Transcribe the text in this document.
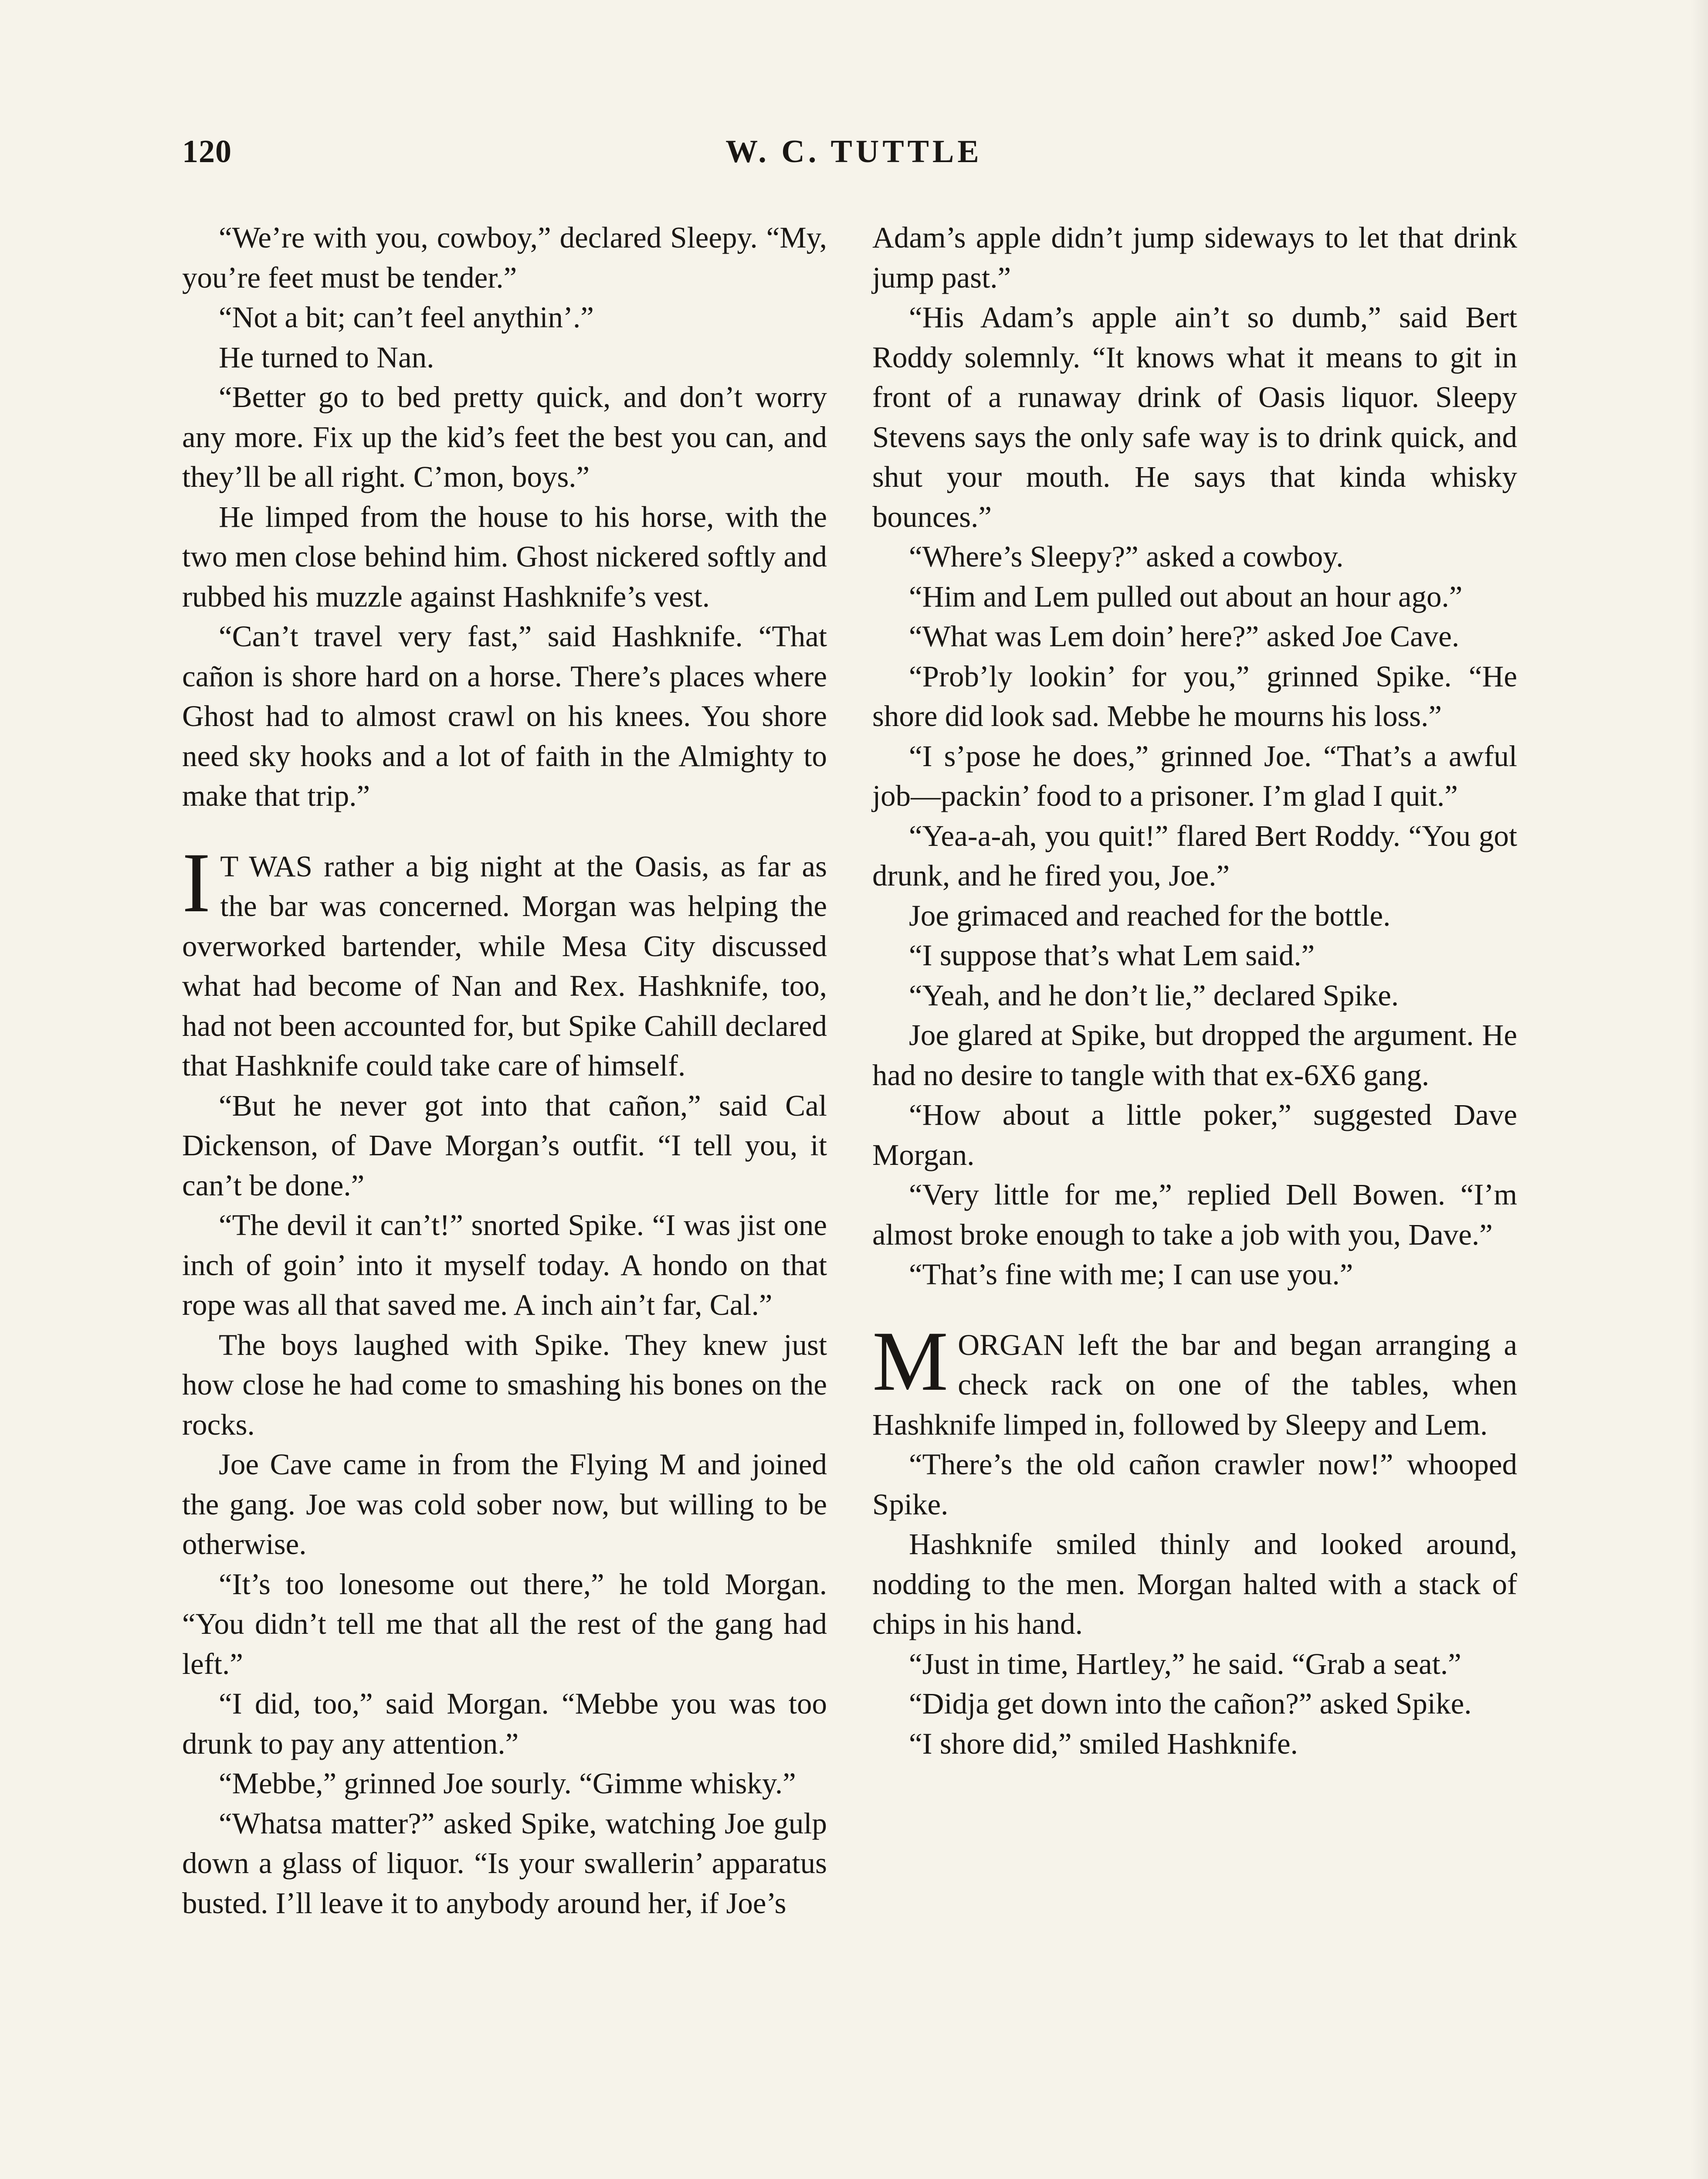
120	W. C. TUTTLE

“We’re with you, cowboy,” declared Sleepy. “My, you’re feet must be tender.”

“Not a bit; can’t feel anythin’.”

He turned to Nan.

“Better go to bed pretty quick, and don’t worry any more. Fix up the kid’s feet the best you can, and they’ll be all right. C’mon, boys.”

He limped from the house to his horse, with the two men close behind him. Ghost nickered softly and rubbed his muzzle against Hashknife’s vest.

“Can’t travel very fast,” said Hashknife. “That cañon is shore hard on a horse. There’s places where Ghost had to almost crawl on his knees. You shore need sky hooks and a lot of faith in the Almighty to make that trip.”

I T WAS rather a big night at the Oasis, as far as the bar was concerned. Morgan was helping the overworked bartender, while Mesa City discussed what had become of Nan and Rex. Hashknife, too, had not been accounted for, but Spike Cahill declared that Hashknife could take care of himself.

“But he never got into that cañon,” said Cal Dickenson, of Dave Morgan’s outfit. “I tell you, it can’t be done.”

“The devil it can’t!” snorted Spike. “I was jist one inch of goin’ into it myself today. A hondo on that rope was all that saved me. A inch ain’t far, Cal.”

The boys laughed with Spike. They knew just how close he had come to smashing his bones on the rocks.

Joe Cave came in from the Flying M and joined the gang. Joe was cold sober now, but willing to be otherwise.

“It’s too lonesome out there,” he told Morgan. “You didn’t tell me that all the rest of the gang had left.”

“I did, too,” said Morgan. “Mebbe you was too drunk to pay any attention.”

“Mebbe,” grinned Joe sourly. “Gimme whisky.”

“Whatsa matter?” asked Spike, watching Joe gulp down a glass of liquor. “Is your swallerin’ apparatus busted. I’ll leave it to anybody around her, if Joe’s

Adam’s apple didn’t jump sideways to let that drink jump past.”

“His Adam’s apple ain’t so dumb,” said Bert Roddy solemnly. “It knows what it means to git in front of a runaway drink of Oasis liquor. Sleepy Stevens says the only safe way is to drink quick, and shut your mouth. He says that kinda whisky bounces.”

“Where’s Sleepy?” asked a cowboy.

“Him and Lem pulled out about an hour ago.”

“What was Lem doin’ here?” asked Joe Cave.

“Prob’ly lookin’ for you,” grinned Spike. “He shore did look sad. Mebbe he mourns his loss.”

“I s’pose he does,” grinned Joe. “That’s a awful job—packin’ food to a prisoner. I’m glad I quit.”

“Yea-a-ah, you quit!” flared Bert Roddy. “You got drunk, and he fired you, Joe.”

Joe grimaced and reached for the bottle.

“I suppose that’s what Lem said.”

“Yeah, and he don’t lie,” declared Spike.

Joe glared at Spike, but dropped the argument. He had no desire to tangle with that ex-6X6 gang.

“How about a little poker,” suggested Dave Morgan.

“Very little for me,” replied Dell Bowen. “I’m almost broke enough to take a job with you, Dave.”

“That’s fine with me; I can use you.”

MORGAN left the bar and began arranging a check rack on one of the tables, when Hashknife limped in, followed by Sleepy and Lem.

“There’s the old cañon crawler now!” whooped Spike.

Hashknife smiled thinly and looked around, nodding to the men. Morgan halted with a stack of chips in his hand.

“Just in time, Hartley,” he said. “Grab a seat.”

“Didja get down into the cañon?” asked Spike.

“I shore did,” smiled Hashknife.
